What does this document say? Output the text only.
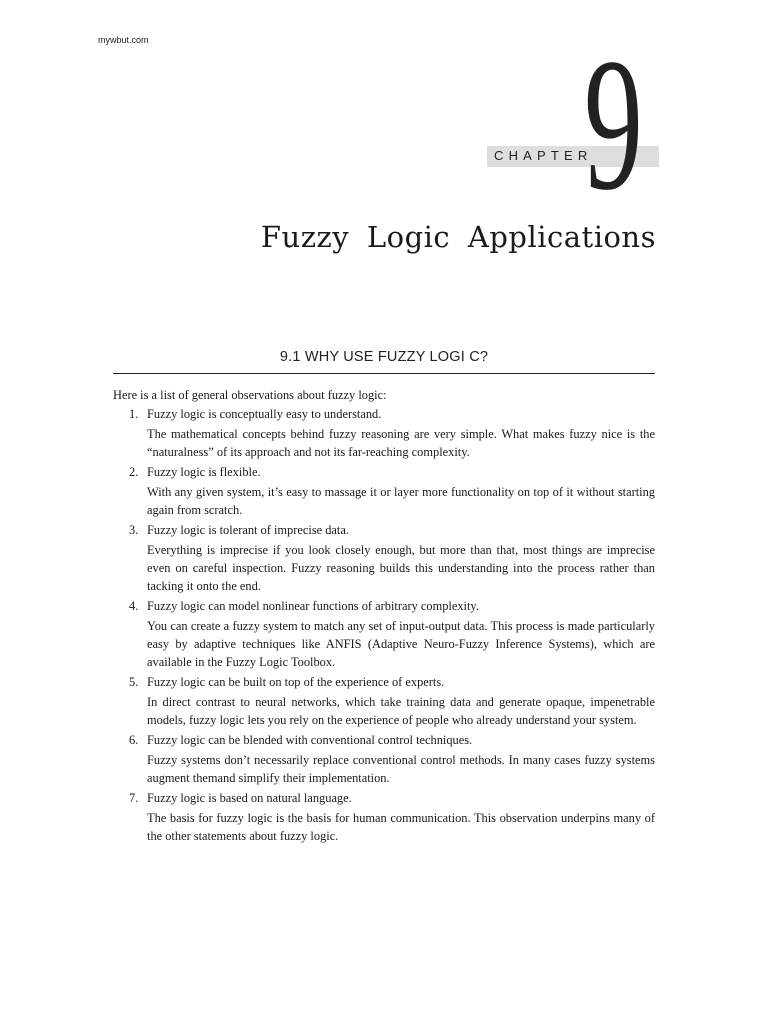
mywbut.com
CHAPTER
9
Fuzzy Logic Applications
9.1 WHY USE FUZZY LOGI C?

Here is a list of general observations about fuzzy logic:

1. Fuzzy logic is conceptually easy to understand.
The mathematical concepts behind fuzzy reasoning are very simple. What makes fuzzy nice is the “naturalness” of its approach and not its far-reaching complexity.
2. Fuzzy logic is flexible.
With any given system, it’s easy to massage it or layer more functionality on top of it without starting again from scratch.
3. Fuzzy logic is tolerant of imprecise data.
Everything is imprecise if you look closely enough, but more than that, most things are imprecise even on careful inspection. Fuzzy reasoning builds this understanding into the process rather than tacking it onto the end.
4. Fuzzy logic can model nonlinear functions of arbitrary complexity.
You can create a fuzzy system to match any set of input-output data. This process is made particularly easy by adaptive techniques like ANFIS (Adaptive Neuro-Fuzzy Inference Systems), which are available in the Fuzzy Logic Toolbox.
5. Fuzzy logic can be built on top of the experience of experts.
In direct contrast to neural networks, which take training data and generate opaque, impenetrable models, fuzzy logic lets you rely on the experience of people who already understand your system.
6. Fuzzy logic can be blended with conventional control techniques.
Fuzzy systems don’t necessarily replace conventional control methods. In many cases fuzzy systems augment themand simplify their implementation.
7. Fuzzy logic is based on natural language.
The basis for fuzzy logic is the basis for human communication. This observation underpins many of the other statements about fuzzy logic.
